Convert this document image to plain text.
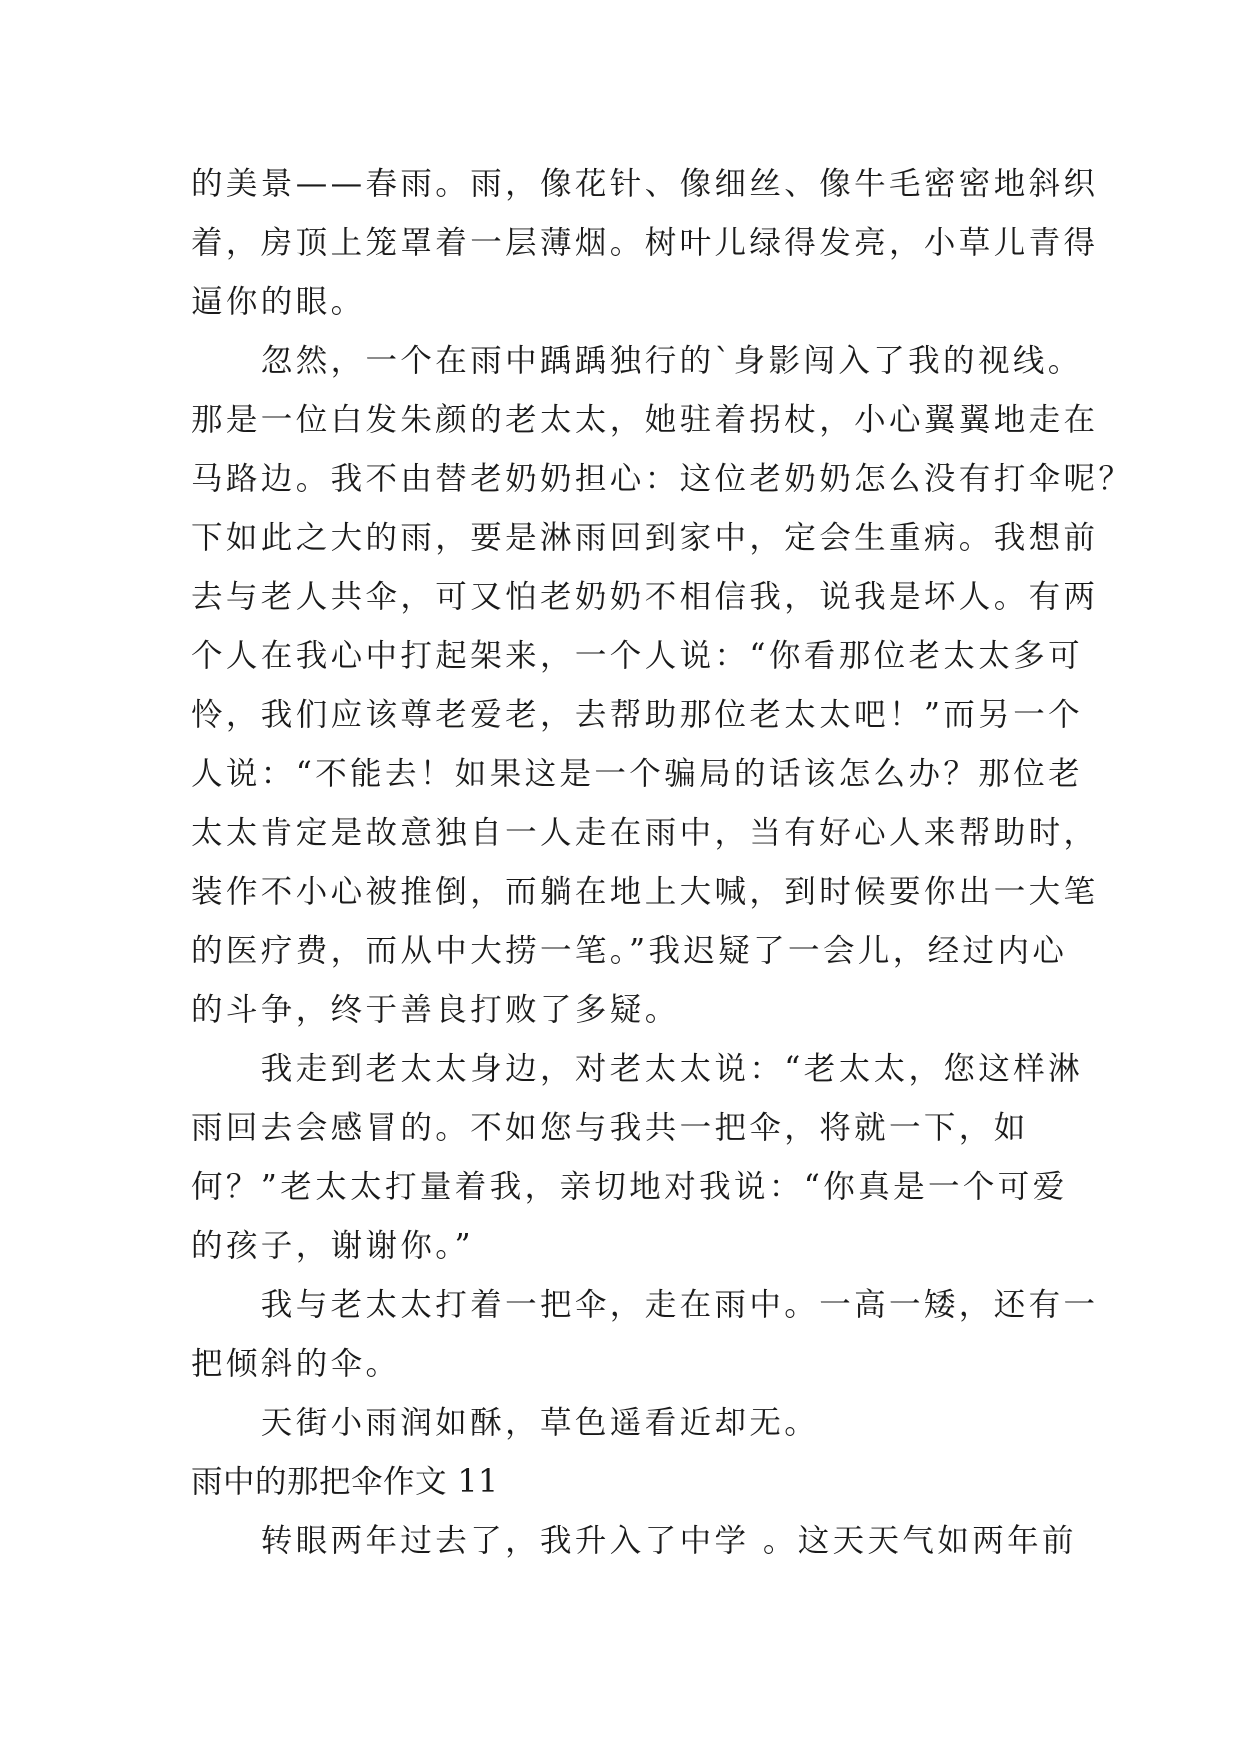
的美景——春雨。雨，像花针、像细丝、像牛毛密密地斜织
着，房顶上笼罩着一层薄烟。树叶儿绿得发亮，小草儿青得
逼你的眼。
　　忽然，一个在雨中踽踽独行的`身影闯入了我的视线。
那是一位白发朱颜的老太太，她驻着拐杖，小心翼翼地走在
马路边。我不由替老奶奶担心：这位老奶奶怎么没有打伞呢？
下如此之大的雨，要是淋雨回到家中，定会生重病。我想前
去与老人共伞，可又怕老奶奶不相信我，说我是坏人。有两
个人在我心中打起架来，一个人说：“你看那位老太太多可
怜，我们应该尊老爱老，去帮助那位老太太吧！”而另一个
人说：“不能去！如果这是一个骗局的话该怎么办？那位老
太太肯定是故意独自一人走在雨中，当有好心人来帮助时，
装作不小心被推倒，而躺在地上大喊，到时候要你出一大笔
的医疗费，而从中大捞一笔。”我迟疑了一会儿，经过内心
的斗争，终于善良打败了多疑。
　　我走到老太太身边，对老太太说：“老太太，您这样淋
雨回去会感冒的。不如您与我共一把伞，将就一下，如
何？”老太太打量着我，亲切地对我说：“你真是一个可爱
的孩子，谢谢你。”
　　我与老太太打着一把伞，走在雨中。一高一矮，还有一
把倾斜的伞。
　　天街小雨润如酥，草色遥看近却无。
雨中的那把伞作文 11
　　转眼两年过去了，我升入了中学 。这天天气如两年前
